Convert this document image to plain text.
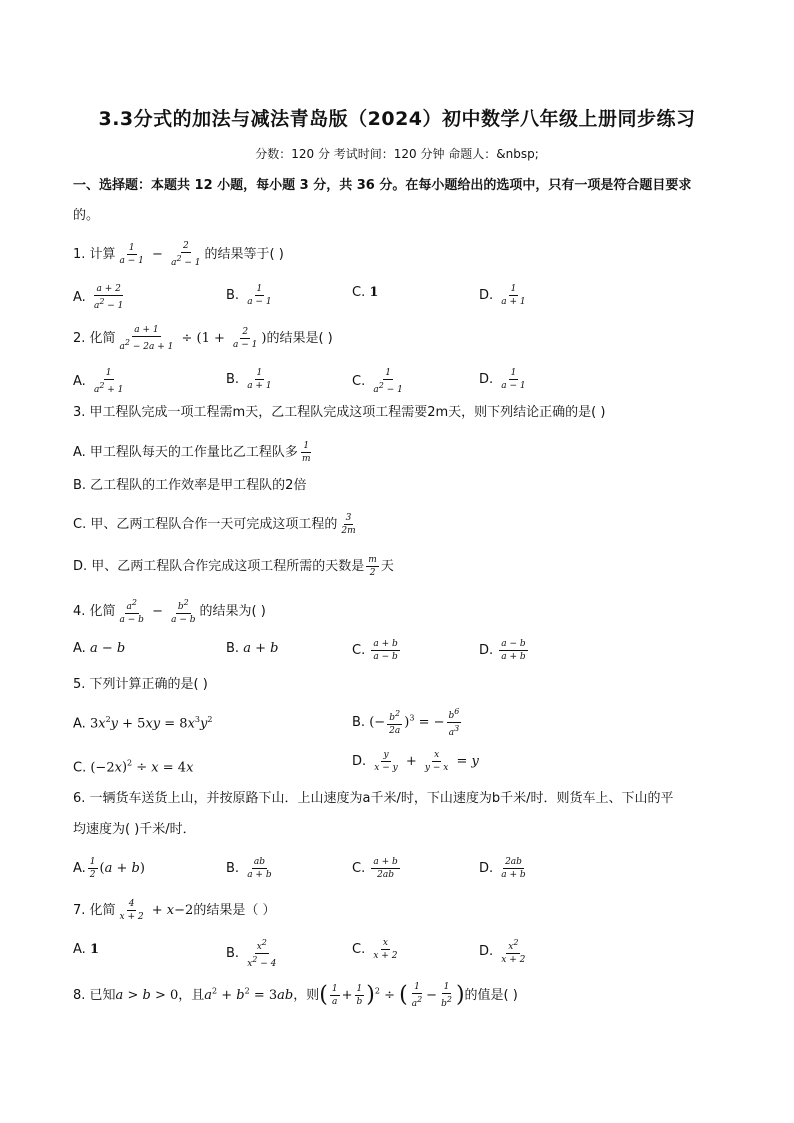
3.3分式的加法与减法青岛版（2024）初中数学八年级上册同步练习
分数：120 分 考试时间：120 分钟 命题人：&nbsp;
一、选择题：本题共 12 小题，每小题 3 分，共 36 分。在每小题给出的选项中，只有一项是符合题目要求
的。
1. 计算 $\frac{1}{a - 1} - \frac{2}{a^2 - 1}$ 的结果等于( )
A. $\frac{a + 2}{a^2 - 1}$	B. $\frac{1}{a - 1}$	C. 1	D. $\frac{1}{a + 1}$
2. 化简 $\frac{a + 1}{a^2 - 2a + 1} \div (1 + \frac{2}{a - 1}$ )的结果是( )
A. $\frac{1}{a^2 + 1}$	B. $\frac{1}{a + 1}$	C. $\frac{1}{a^2 - 1}$	D. $\frac{1}{a - 1}$
3. 甲工程队完成一项工程需m天，乙工程队完成这项工程需要2m天，则下列结论正确的是( )
A. 甲工程队每天的工作量比乙工程队多 $\frac{1}{m}$
B. 乙工程队的工作效率是甲工程队的2倍
C. 甲、乙两工程队合作一天可完成这项工程的 $\frac{3}{2m}$
D. 甲、乙两工程队合作完成这项工程所需的天数是 $\frac{m}{2}$ 天
4. 化简 $\frac{a^2}{a - b} - \frac{b^2}{a - b}$ 的结果为( )
A. a − b	B. a + b	C. $\frac{a + b}{a - b}$	D. $\frac{a - b}{a + b}$
5. 下列计算正确的是( )
A. $3x^2y + 5xy = 8x^3y^2$	B. (− $\frac{b^2}{2a} )^3$ = − $\frac{b^6}{a^3}$
C. $(-2x)^2 \div x = 4x$	D. $\frac{y}{x - y} + \frac{x}{y - x} = y$
6. 一辆货车送货上山，并按原路下山．上山速度为a千米/时，下山速度为b千米/时．则货车上、下山的平
均速度为( )千米/时．
A. $\frac{1}{2} (a + b)$	B. $\frac{ab}{a + b}$	C. $\frac{a + b}{2ab}$	D. $\frac{2ab}{a + b}$
7. 化简 $\frac{4}{x + 2} + x-2$的结果是（ ）
A. 1	B. $\frac{x^2}{x^2 - 4}$	C. $\frac{x}{x + 2}$	D. $\frac{x^2}{x + 2}$
8. 已知a > b > 0，且$a^2 + b^2 = 3ab$，则( $\frac{1}{a} + \frac{1}{b} )^2$ ÷ ( $\frac{1}{a^2} - \frac{1}{b^2}$ )的值是( )
